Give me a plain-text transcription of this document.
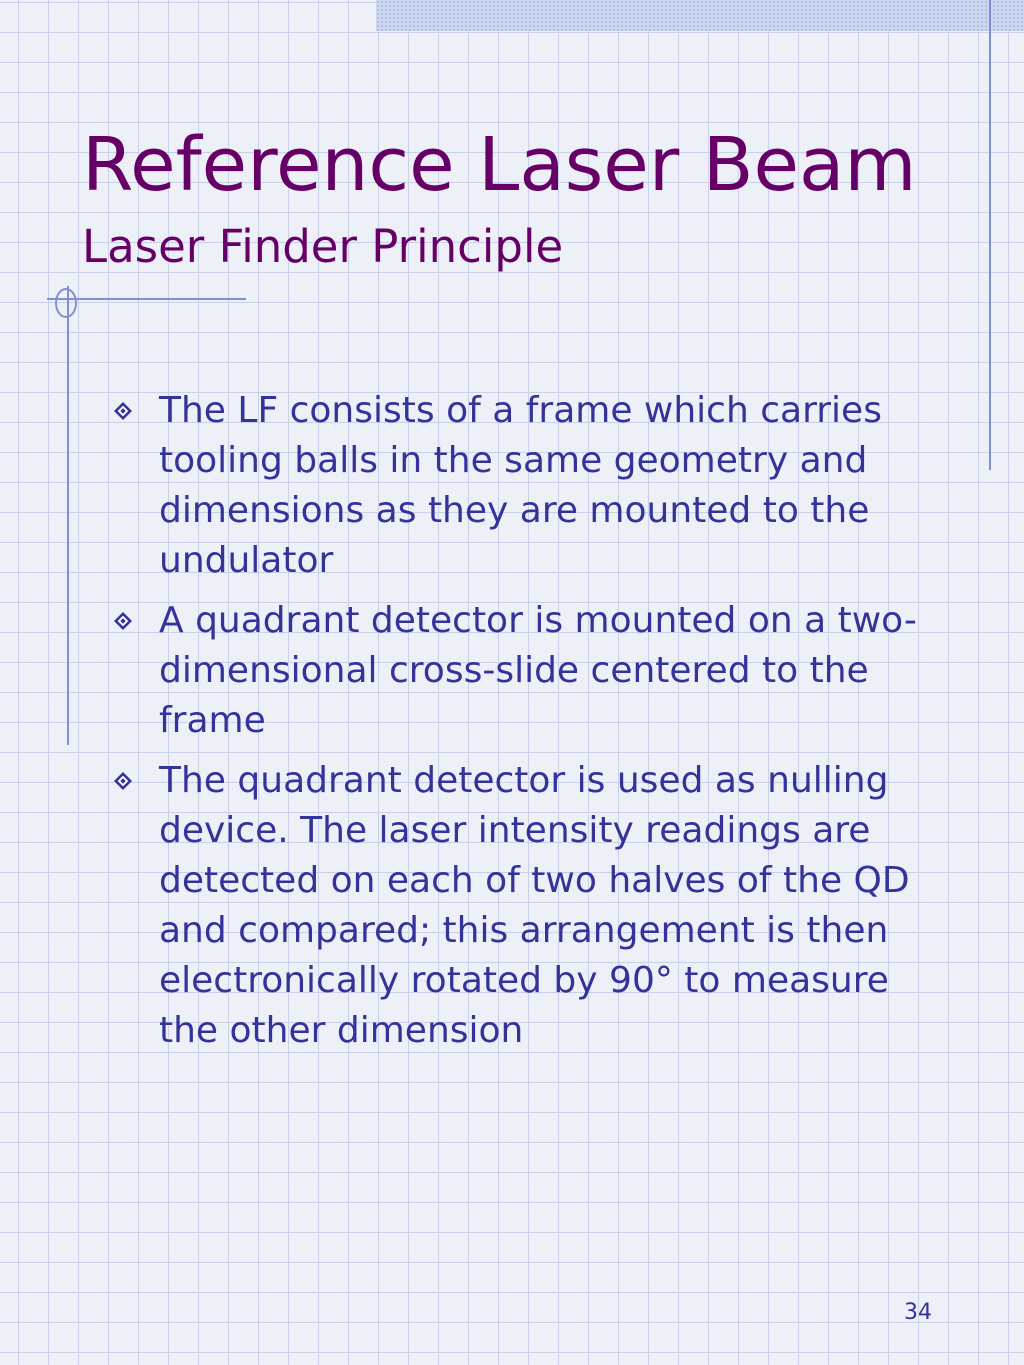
Reference Laser Beam
Laser Finder Principle
The LF consists of a frame which carries tooling balls in the same geometry and dimensions as they are mounted to the undulator
A quadrant detector is mounted on a two-dimensional cross-slide centered to the frame
The quadrant detector is used as nulling device. The laser intensity readings are detected on each of two halves of the QD and compared; this arrangement is then electronically rotated by 90° to measure the other dimension
34
